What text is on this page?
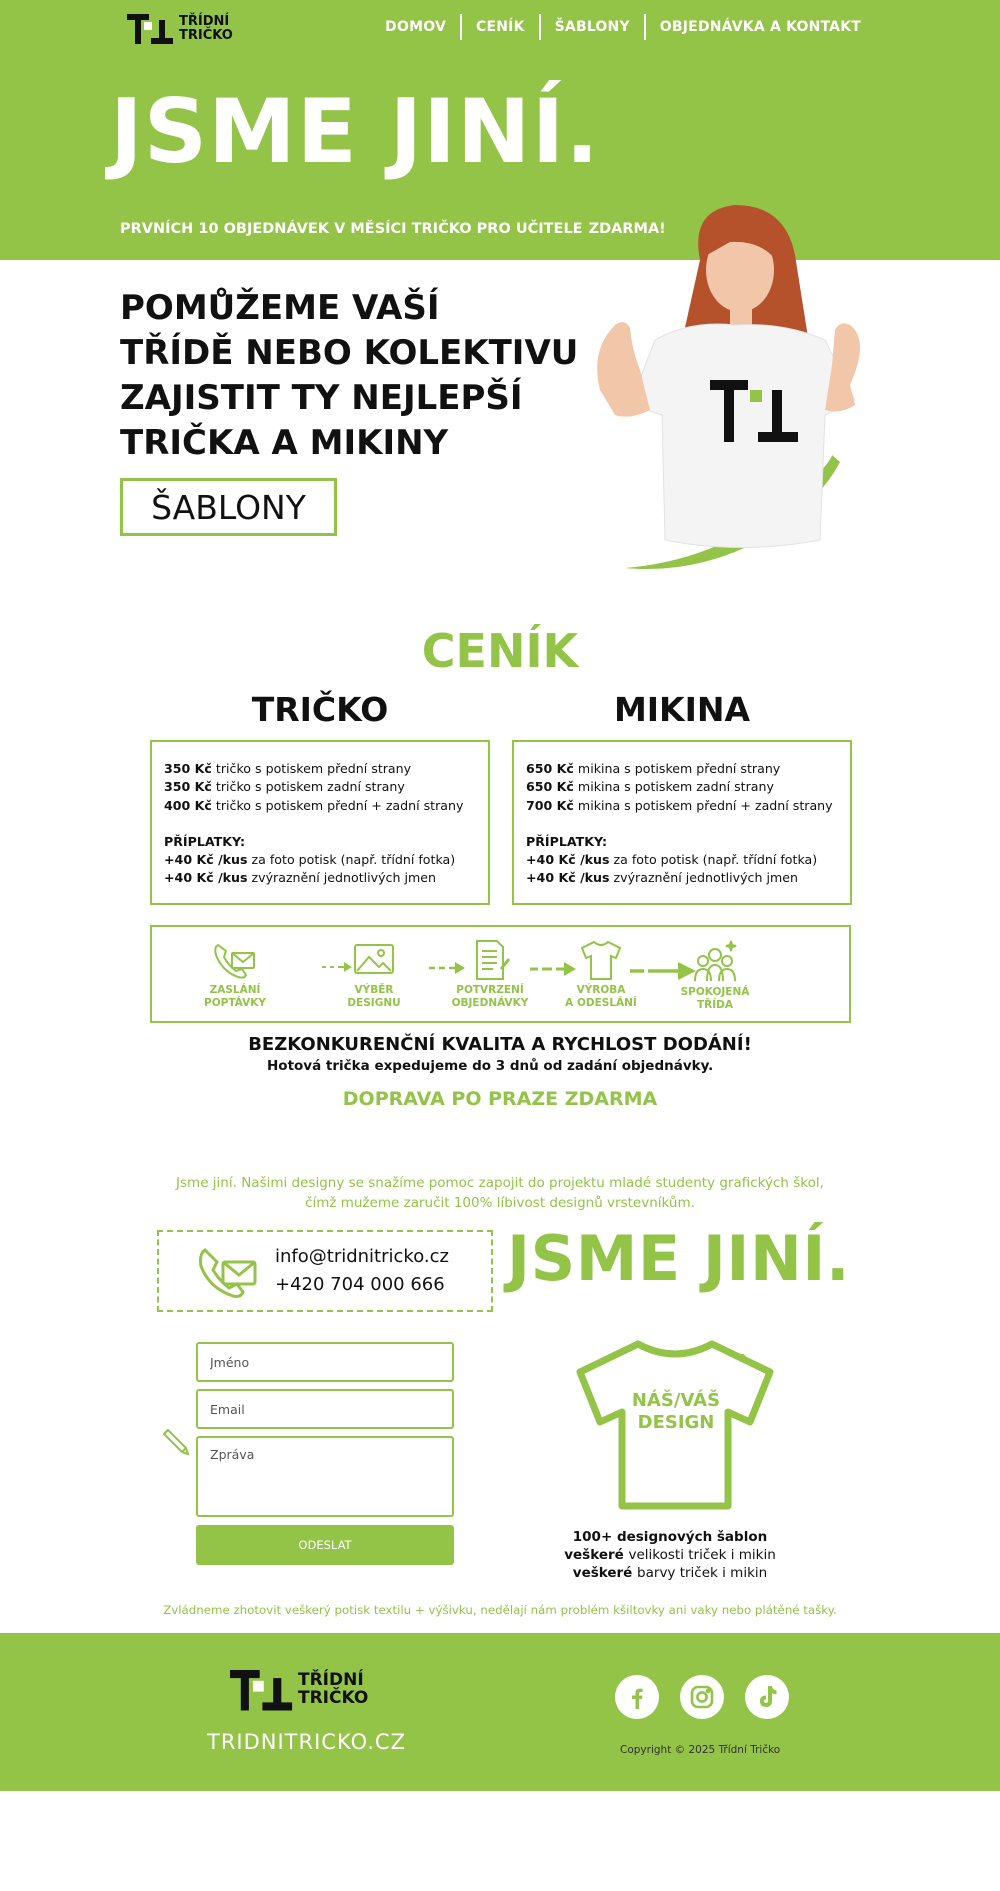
TŘÍDNÍ
TRIČKO
DOMOV	CENÍK	ŠABLONY	OBJEDNÁVKA A KONTAKT
JSME JINÍ.
PRVNÍCH 10 OBJEDNÁVEK V MĚSÍCI TRIČKO PRO UČITELE ZDARMA!
POMŮŽEME VAŠÍ
TŘÍDĚ NEBO KOLEKTIVU
ZAJISTIT TY NEJLEPŠÍ
TRIČKA A MIKINY
ŠABLONY
CENÍK
TRIČKO	MIKINA
350 Kč tričko s potiskem přední strany
350 Kč tričko s potiskem zadní strany
400 Kč tričko s potiskem přední + zadní strany
PŘÍPLATKY:
+40 Kč /kus za foto potisk (např. třídní fotka)
+40 Kč /kus zvýraznění jednotlivých jmen
650 Kč mikina s potiskem přední strany
650 Kč mikina s potiskem zadní strany
700 Kč mikina s potiskem přední + zadní strany
PŘÍPLATKY:
+40 Kč /kus za foto potisk (např. třídní fotka)
+40 Kč /kus zvýraznění jednotlivých jmen
ZASLÁNÍ
POPTÁVKY
VÝBĚR
DESIGNU
POTVRZENÍ
OBJEDNÁVKY
VÝROBA
A ODESLÁNÍ
SPOKOJENÁ
TŘÍDA
BEZKONKURENČNÍ KVALITA A RYCHLOST DODÁNÍ!
Hotová trička expedujeme do 3 dnů od zadání objednávky.
DOPRAVA PO PRAZE ZDARMA
Jsme jiní. Našimi designy se snažíme pomoc zapojit do projektu mladé studenty grafických škol,
čímž mužeme zaručit 100% líbivost designů vrstevníkům.
info@tridnitricko.cz
+420 704 000 666 JSME JINÍ.
Jméno
Email
Zpráva
ODESLAT
NÁŠ/VÁŠ
DESIGN
100+ designových šablon
veškeré velikosti triček i mikin
veškeré barvy triček i mikin
Zvládneme zhotovit veškerý potisk textilu + výšivku, nedělají nám problém kšiltovky ani vaky nebo plátěné tašky.
TŘÍDNÍ
TRIČKO
TRIDNITRICKO.CZ	Copyright © 2025 Třídní Tričko
